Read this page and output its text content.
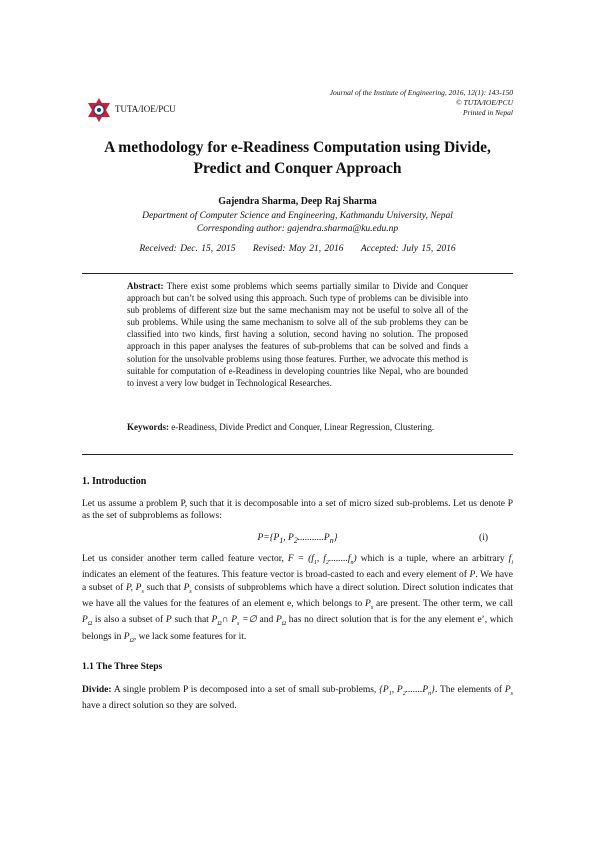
TUTA/IOE/PCU
Journal of the Institute of Engineering, 2016, 12(1): 143-150
© TUTA/IOE/PCU
Printed in Nepal
A methodology for e-Readiness Computation using Divide,
Predict and Conquer Approach
Gajendra Sharma, Deep Raj Sharma
Department of Computer Science and Engineering, Kathmandu University, Nepal
Corresponding author: gajendra.sharma@ku.edu.np
Received: Dec. 15, 2015 Revised: May 21, 2016 Accepted: July 15, 2016
Abstract: There exist some problems which seems partially similar to Divide and Conquer approach but can’t be solved using this approach. Such type of problems can be divisible into sub problems of different size but the same mechanism may not be useful to solve all of the sub problems. While using the same mechanism to solve all of the sub problems they can be classified into two kinds, first having a solution, second having no solution. The proposed approach in this paper analyses the features of sub-problems that can be solved and finds a solution for the unsolvable problems using those features. Further, we advocate this method is suitable for computation of e-Readiness in developing countries like Nepal, who are bounded to invest a very low budget in Technological Researches.
Keywords: e-Readiness, Divide Predict and Conquer, Linear Regression, Clustering.
1. Introduction
Let us assume a problem P, such that it is decomposable into a set of micro sized sub-problems. Let us denote P as the set of subproblems as follows:
$P=\{P_1$, $P_2...........P_n$}	(i)
Let us consider another term called feature vector, $F = (f_1$, $f_2........f_n$) which is a tuple, where an arbitrary $f_i$ indicates an element of the features. This feature vector is broad-casted to each and every element of P. We have a subset of P, $P_s$ such that $P_s$ consists of subproblems which have a direct solution. Direct solution indicates that we have all the values for the features of an element e, which belongs to $P_s$ are present. The other term, we call $P_\Omega$ is also a subset of P such that $P_\Omega\cap$ $P_s$ =∅ and $P_\Omega$ has no direct solution that is for the any element e’, which belongs in $P_\Omega$, we lack some features for it.
1.1 The Three Steps
Divide: A single problem P is decomposed into a set of small sub-problems, {$P_1$, $P_2.......P_n$}. The elements of $P_s$ have a direct solution so they are solved.
